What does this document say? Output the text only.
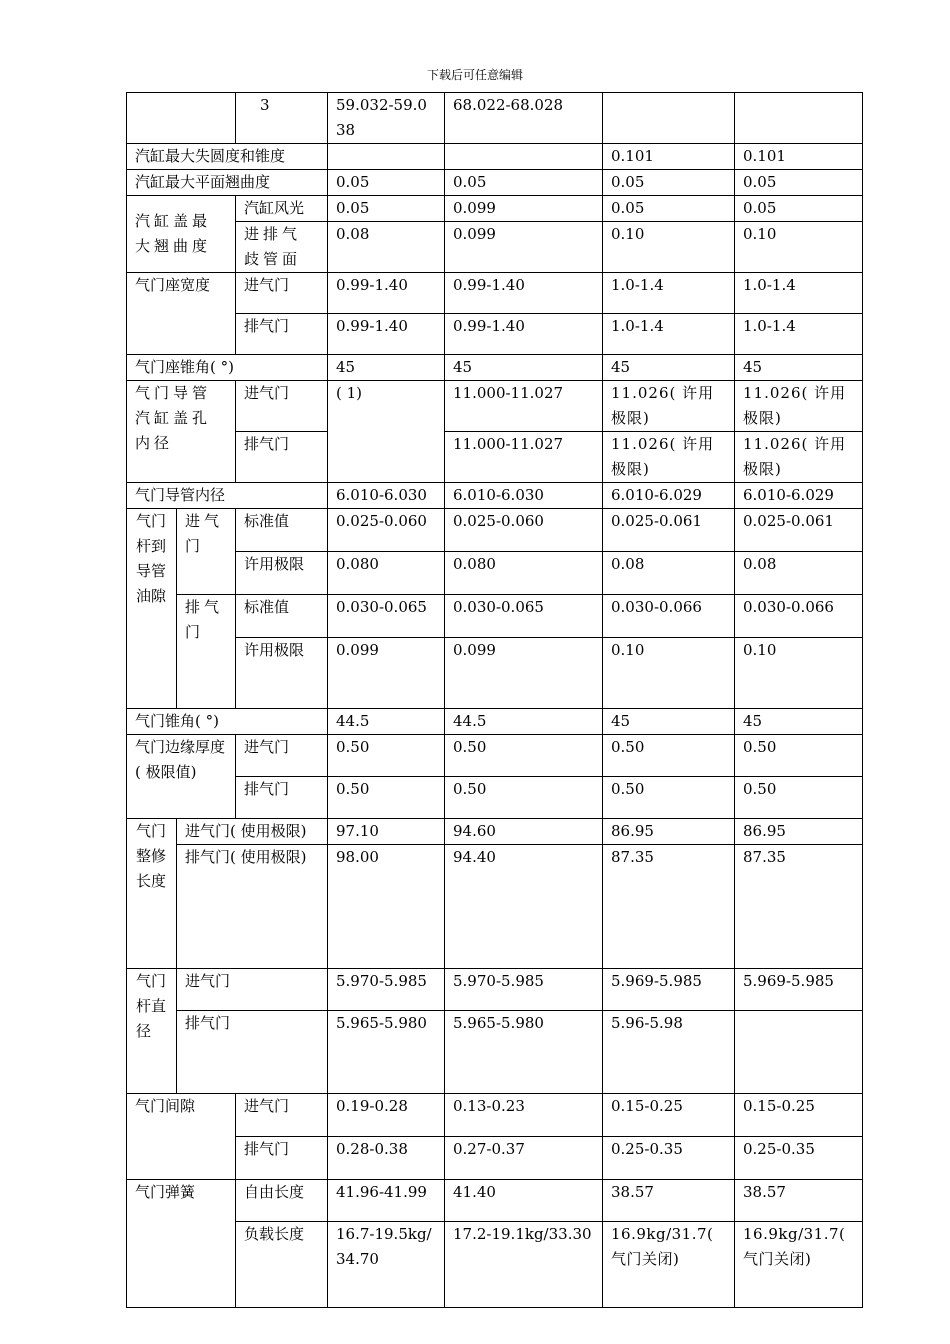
下载后可任意编辑
		3	59.032-59.038	68.022-68.028		
汽缸最大失圆度和锥度					0.101	0.101
汽缸最大平面翘曲度			0.05	0.05	0.05	0.05
汽缸盖最大翘曲度		汽缸风光	0.05	0.099	0.05	0.05
		进排气歧管面	0.08	0.099	0.10	0.10
气门座宽度		进气门	0.99-1.40	0.99-1.40	1.0-1.4	1.0-1.4
		排气门	0.99-1.40	0.99-1.40	1.0-1.4	1.0-1.4
气门座锥角( °)			45	45	45	45
气门导管汽缸盖孔内径		进气门	( 1)	11.000-11.027	11.026( 许用极限)	11.026( 许用极限)
		排气门		11.000-11.027	11.026( 许用极限)	11.026( 许用极限)
气门导管内径			6.010-6.030	6.010-6.030	6.010-6.029	6.010-6.029
气门杆到导管油隙	进气门	标准值	0.025-0.060	0.025-0.060	0.025-0.061	0.025-0.061
		许用极限	0.080	0.080	0.08	0.08
	排气门	标准值	0.030-0.065	0.030-0.065	0.030-0.066	0.030-0.066
		许用极限	0.099	0.099	0.10	0.10
气门锥角( °)			44.5	44.5	45	45
气门边缘厚度( 极限值)		进气门	0.50	0.50	0.50	0.50
		排气门	0.50	0.50	0.50	0.50
气门整修长度	进气门( 使用极限)		97.10	94.60	86.95	86.95
	排气门( 使用极限)		98.00	94.40	87.35	87.35
气门杆直径	进气门		5.970-5.985	5.970-5.985	5.969-5.985	5.969-5.985
	排气门		5.965-5.980	5.965-5.980	5.96-5.98	
气门间隙		进气门	0.19-0.28	0.13-0.23	0.15-0.25	0.15-0.25
		排气门	0.28-0.38	0.27-0.37	0.25-0.35	0.25-0.35
气门弹簧		自由长度	41.96-41.99	41.40	38.57	38.57
		负载长度	16.7-19.5kg/ 34.70	17.2-19.1kg/33.30	16.9kg/31.7( 气门关闭)	16.9kg/31.7( 气门关闭)
